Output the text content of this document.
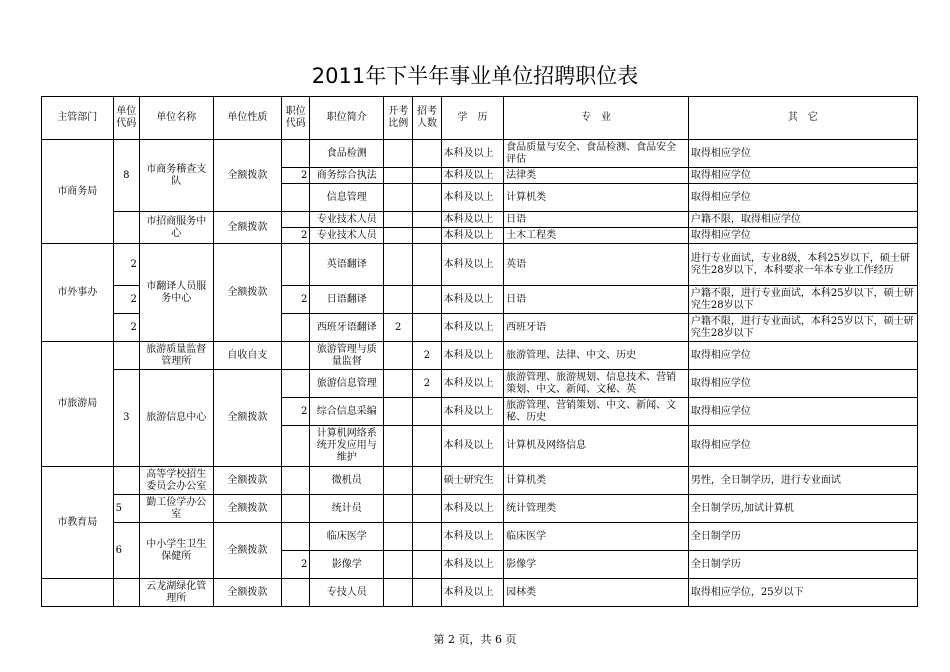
2011年下半年事业单位招聘职位表
主管部门	单位代码	单位名称	单位性质	职位代码	职位简介	开考比例	招考人数	学　历	专　业	其　它
市商务局	8	市商务稽查支队	全额拨款		食品检测			本科及以上	食品质量与安全、食品检测、食品安全评估	取得相应学位
				2	商务综合执法			本科及以上	法律类	取得相应学位
					信息管理			本科及以上	计算机类	取得相应学位
		市招商服务中心	全额拨款		专业技术人员			本科及以上	日语	户籍不限，取得相应学位
				2	专业技术人员			本科及以上	土木工程类	取得相应学位
市外事办	2	市翻译人员服务中心	全额拨款		英语翻译			本科及以上	英语	进行专业面试，专业8级，本科25岁以下，硕士研究生28岁以下，本科要求一年本专业工作经历
	2			2	日语翻译			本科及以上	日语	户籍不限，进行专业面试，本科25岁以下，硕士研究生28岁以下
	2				西班牙语翻译	2		本科及以上	西班牙语	户籍不限，进行专业面试，本科25岁以下，硕士研究生28岁以下
市旅游局		旅游质量监督管理所	自收自支		旅游管理与质量监督		2	本科及以上	旅游管理、法律、中文、历史	取得相应学位
	3	旅游信息中心	全额拨款		旅游信息管理		2	本科及以上	旅游管理、旅游规划、信息技术、营销策划、中文、新闻、文秘、英	取得相应学位
				2	综合信息采编			本科及以上	旅游管理、营销策划、中文、新闻、文秘、历史	取得相应学位
					计算机网络系统开发应用与维护			本科及以上	计算机及网络信息	取得相应学位
市教育局		高等学校招生委员会办公室	全额拨款		微机员			硕士研究生	计算机类	男性，全日制学历，进行专业面试
	5	勤工俭学办公室	全额拨款		统计员			本科及以上	统计管理类	全日制学历,加试计算机
	6	中小学生卫生保健所	全额拨款		临床医学			本科及以上	临床医学	全日制学历
				2	影像学			本科及以上	影像学	全日制学历
		云龙湖绿化管理所	全额拨款		专技人员			本科及以上	园林类	取得相应学位，25岁以下
第 2 页，共 6 页
